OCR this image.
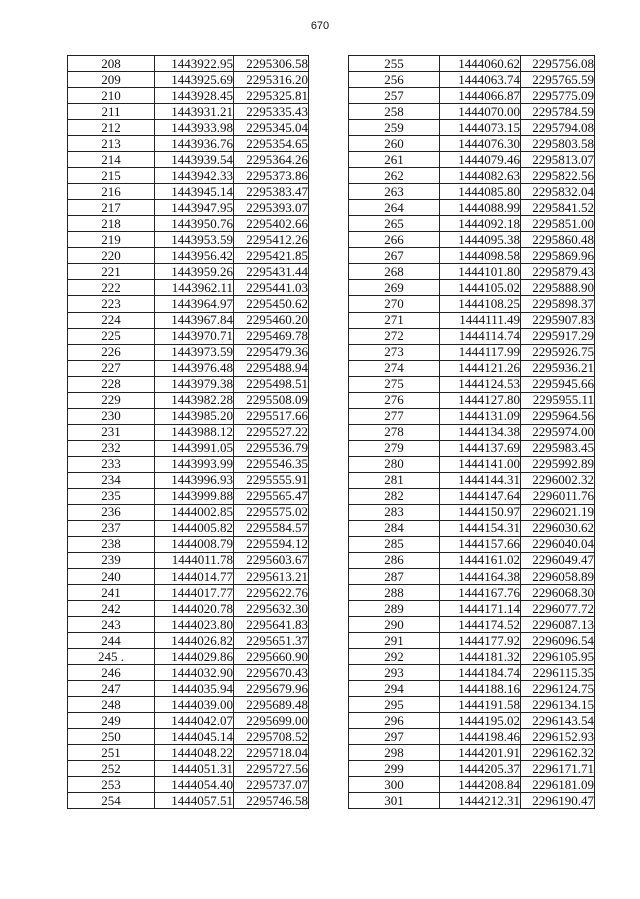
670
208	1443922.95	2295306.58
209	1443925.69	2295316.20
210	1443928.45	2295325.81
211	1443931.21	2295335.43
212	1443933.98	2295345.04
213	1443936.76	2295354.65
214	1443939.54	2295364.26
215	1443942.33	2295373.86
216	1443945.14	2295383.47
217	1443947.95	2295393.07
218	1443950.76	2295402.66
219	1443953.59	2295412.26
220	1443956.42	2295421.85
221	1443959.26	2295431.44
222	1443962.11	2295441.03
223	1443964.97	2295450.62
224	1443967.84	2295460.20
225	1443970.71	2295469.78
226	1443973.59	2295479.36
227	1443976.48	2295488.94
228	1443979.38	2295498.51
229	1443982.28	2295508.09
230	1443985.20	2295517.66
231	1443988.12	2295527.22
232	1443991.05	2295536.79
233	1443993.99	2295546.35
234	1443996.93	2295555.91
235	1443999.88	2295565.47
236	1444002.85	2295575.02
237	1444005.82	2295584.57
238	1444008.79	2295594.12
239	1444011.78	2295603.67
240	1444014.77	2295613.21
241	1444017.77	2295622.76
242	1444020.78	2295632.30
243	1444023.80	2295641.83
244	1444026.82	2295651.37
245 .	1444029.86	2295660.90
246	1444032.90	2295670.43
247	1444035.94	2295679.96
248	1444039.00	2295689.48
249	1444042.07	2295699.00
250	1444045.14	2295708.52
251	1444048.22	2295718.04
252	1444051.31	2295727.56
253	1444054.40	2295737.07
254	1444057.51	2295746.58
255	1444060.62	2295756.08
256	1444063.74	2295765.59
257	1444066.87	2295775.09
258	1444070.00	2295784.59
259	1444073.15	2295794.08
260	1444076.30	2295803.58
261	1444079.46	2295813.07
262	1444082.63	2295822.56
263	1444085.80	2295832.04
264	1444088.99	2295841.52
265	1444092.18	2295851.00
266	1444095.38	2295860.48
267	1444098.58	2295869.96
268	1444101.80	2295879.43
269	1444105.02	2295888.90
270	1444108.25	2295898.37
271	1444111.49	2295907.83
272	1444114.74	2295917.29
273	1444117.99	2295926.75
274	1444121.26	2295936.21
275	1444124.53	2295945.66
276	1444127.80	2295955.11
277	1444131.09	2295964.56
278	1444134.38	2295974.00
279	1444137.69	2295983.45
280	1444141.00	2295992.89
281	1444144.31	2296002.32
282	1444147.64	2296011.76
283	1444150.97	2296021.19
284	1444154.31	2296030.62
285	1444157.66	2296040.04
286	1444161.02	2296049.47
287	1444164.38	2296058.89
288	1444167.76	2296068.30
289	1444171.14	2296077.72
290	1444174.52	2296087.13
291	1444177.92	2296096.54
292	1444181.32	2296105.95
293	1444184.74	2296115.35
294	1444188.16	2296124.75
295	1444191.58	2296134.15
296	1444195.02	2296143.54
297	1444198.46	2296152.93
298	1444201.91	2296162.32
299	1444205.37	2296171.71
300	1444208.84	2296181.09
301	1444212.31	2296190.47
